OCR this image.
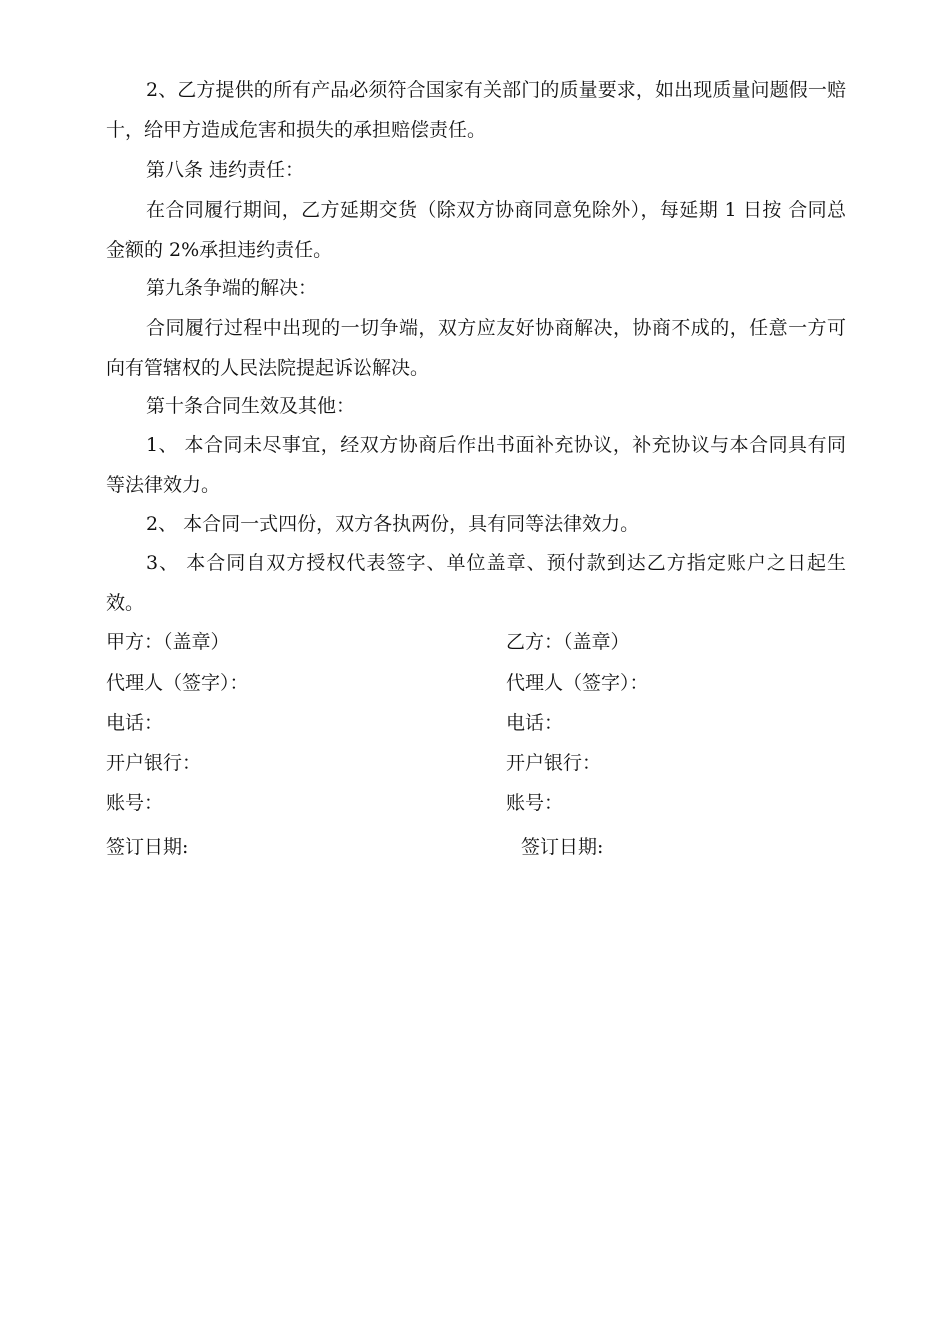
2、乙方提供的所有产品必须符合国家有关部门的质量要求，如出现质量问题假一赔十，给甲方造成危害和损失的承担赔偿责任。

第八条 违约责任：

在合同履行期间，乙方延期交货（除双方协商同意免除外），每延期 1 日按 合同总金额的 2%承担违约责任。

第九条争端的解决：

合同履行过程中出现的一切争端，双方应友好协商解决，协商不成的，任意一方可向有管辖权的人民法院提起诉讼解决。

第十条合同生效及其他：

1、 本合同未尽事宜，经双方协商后作出书面补充协议，补充协议与本合同具有同等法律效力。

2、 本合同一式四份，双方各执两份，具有同等法律效力。

3、 本合同自双方授权代表签字、单位盖章、预付款到达乙方指定账户之日起生效。

甲方：（盖章）	乙方：（盖章）

代理人（签字）：	代理人（签字）：

电话：	电话：

开户银行：	开户银行：

账号：	账号：

签订日期:	签订日期:
